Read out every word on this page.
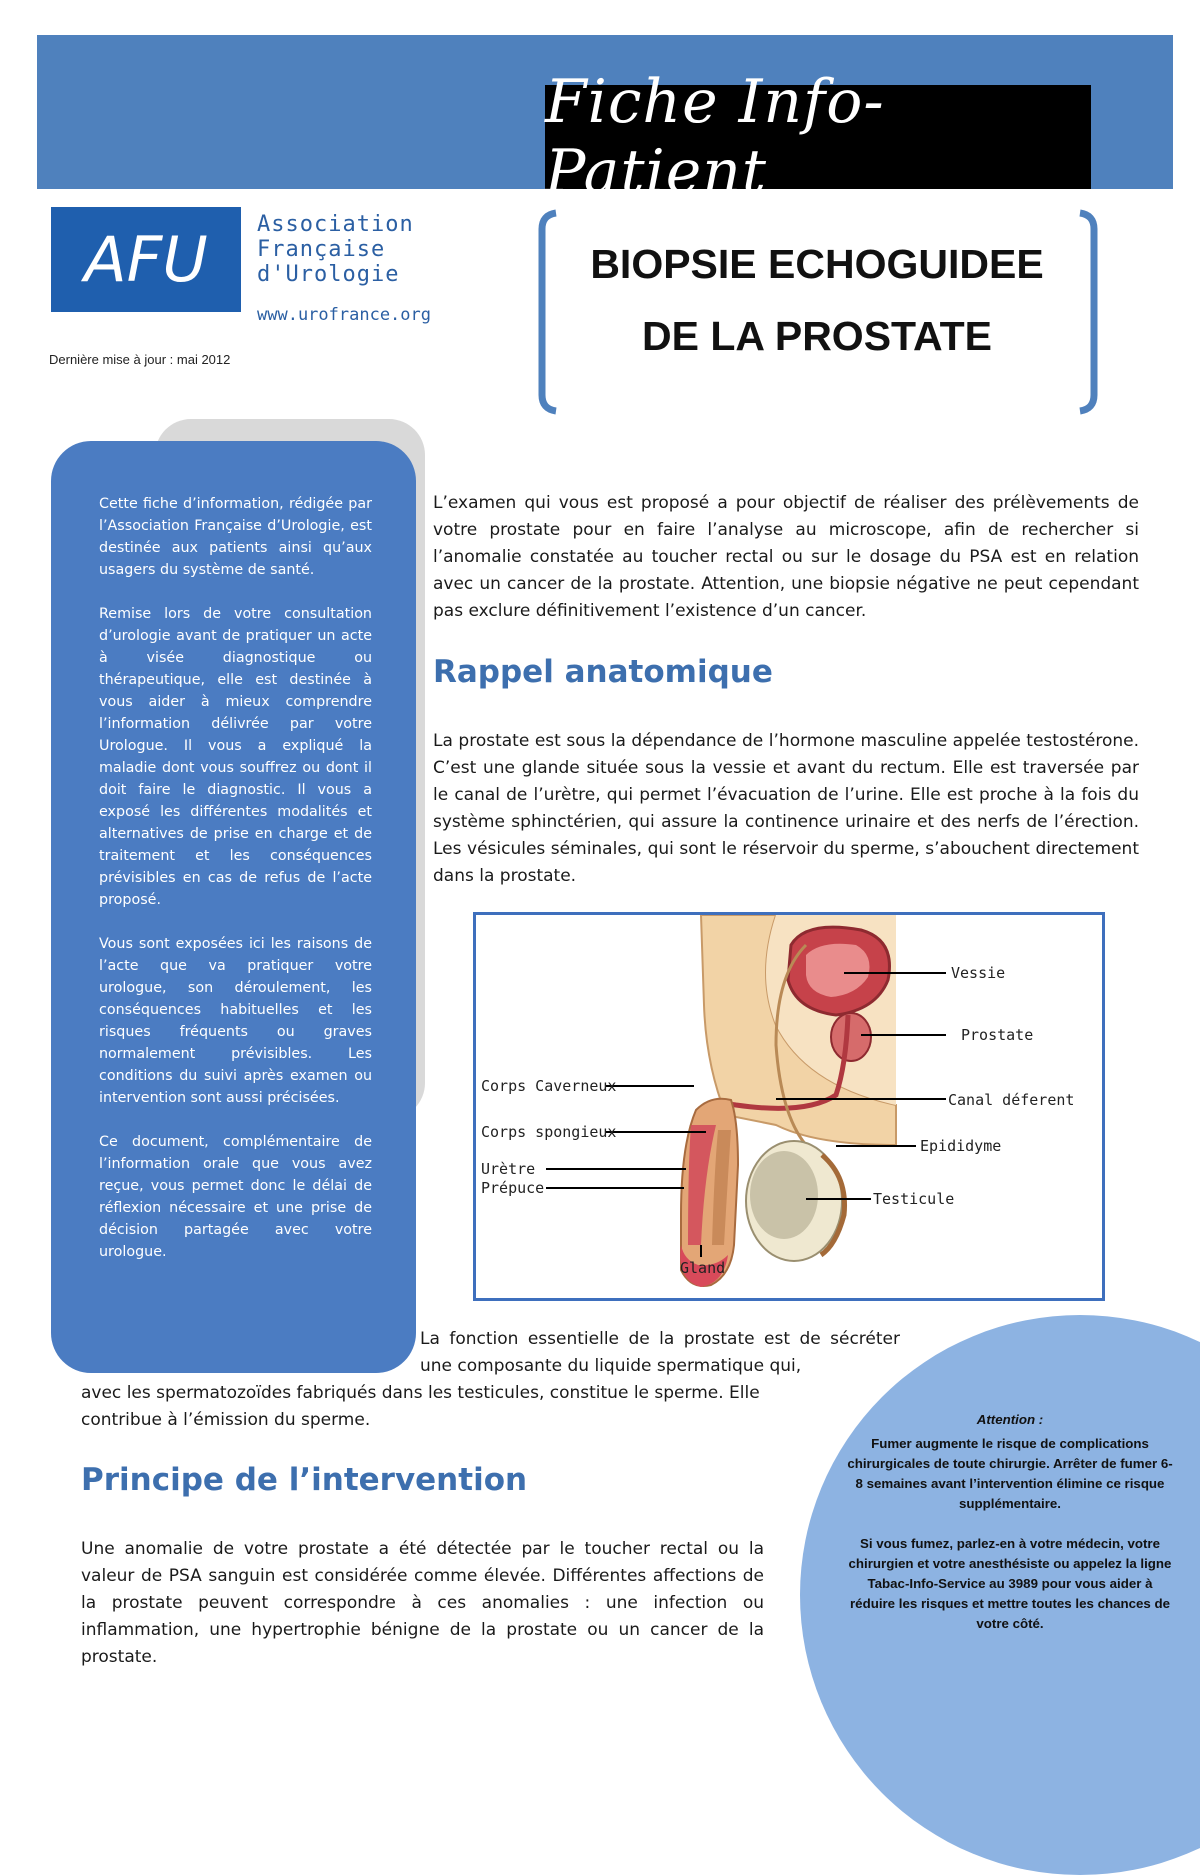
Fiche Info-Patient
AFU Association
Française
d'Urologie
www.urofrance.org
Dernière mise à jour : mai 2012
BIOPSIE ECHOGUIDEE
DE LA PROSTATE

Cette fiche d’information, rédigée par l’Association Française d’Urologie, est destinée aux patients ainsi qu’aux usagers du système de santé.

Remise lors de votre consultation d’urologie avant de pratiquer un acte à visée diagnostique ou thérapeutique, elle est destinée à vous aider à mieux comprendre l’information délivrée par votre Urologue. Il vous a expliqué la maladie dont vous souffrez ou dont il doit faire le diagnostic. Il vous a exposé les différentes modalités et alternatives de prise en charge et de traitement et les conséquences prévisibles en cas de refus de l’acte proposé.

Vous sont exposées ici les raisons de l’acte que va pratiquer votre urologue, son déroulement, les conséquences habituelles et les risques fréquents ou graves normalement prévisibles. Les conditions du suivi après examen ou intervention sont aussi précisées.

Ce document, complémentaire de l’information orale que vous avez reçue, vous permet donc le délai de réflexion nécessaire et une prise de décision partagée avec votre urologue.

L’examen qui vous est proposé a pour objectif de réaliser des prélèvements de votre prostate pour en faire l’analyse au microscope, afin de rechercher si l’anomalie constatée au toucher rectal ou sur le dosage du PSA est en relation avec un cancer de la prostate. Attention, une biopsie négative ne peut cependant pas exclure définitivement l’existence d’un cancer.

Rappel anatomique

La prostate est sous la dépendance de l’hormone masculine appelée testostérone. C’est une glande située sous la vessie et avant du rectum. Elle est traversée par le canal de l’urètre, qui permet l’évacuation de l’urine. Elle est proche à la fois du système sphinctérien, qui assure la continence urinaire et des nerfs de l’érection. Les vésicules séminales, qui sont le réservoir du sperme, s’abouchent directement dans la prostate.

Vessie
Prostate
Canal déferent
Epididyme
Testicule
Gland
Corps Caverneux
Corps spongieux
Urètre
Prépuce

Attention :

Fumer augmente le risque de complications chirurgicales de toute chirurgie. Arrêter de fumer 6-8 semaines avant l’intervention élimine ce risque supplémentaire.

Si vous fumez, parlez-en à votre médecin, votre chirurgien et votre anesthésiste ou appelez la ligne Tabac-Info-Service au 3989 pour vous aider à réduire les risques et mettre toutes les chances de votre côté.

La fonction essentielle de la prostate est de sécréter une composante du liquide spermatique qui,

avec les spermatozoïdes fabriqués dans les testicules, constitue le sperme. Elle contribue à l’émission du sperme.

Principe de l’intervention

Une anomalie de votre prostate a été détectée par le toucher rectal ou la valeur de PSA sanguin est considérée comme élevée. Différentes affections de la prostate peuvent correspondre à ces anomalies : une infection ou inflammation, une hypertrophie bénigne de la prostate ou un cancer de la prostate.
